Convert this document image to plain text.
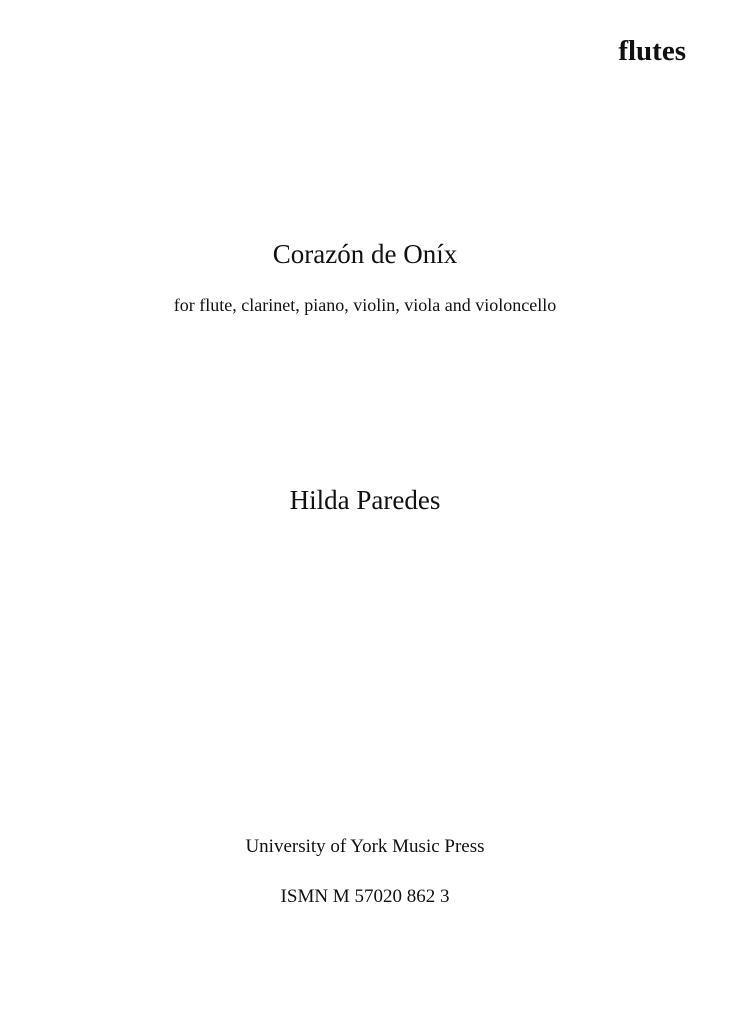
flutes
Corazón de Oníx
for flute, clarinet, piano, violin, viola and violoncello
Hilda Paredes
University of York Music Press
ISMN M 57020 862 3
